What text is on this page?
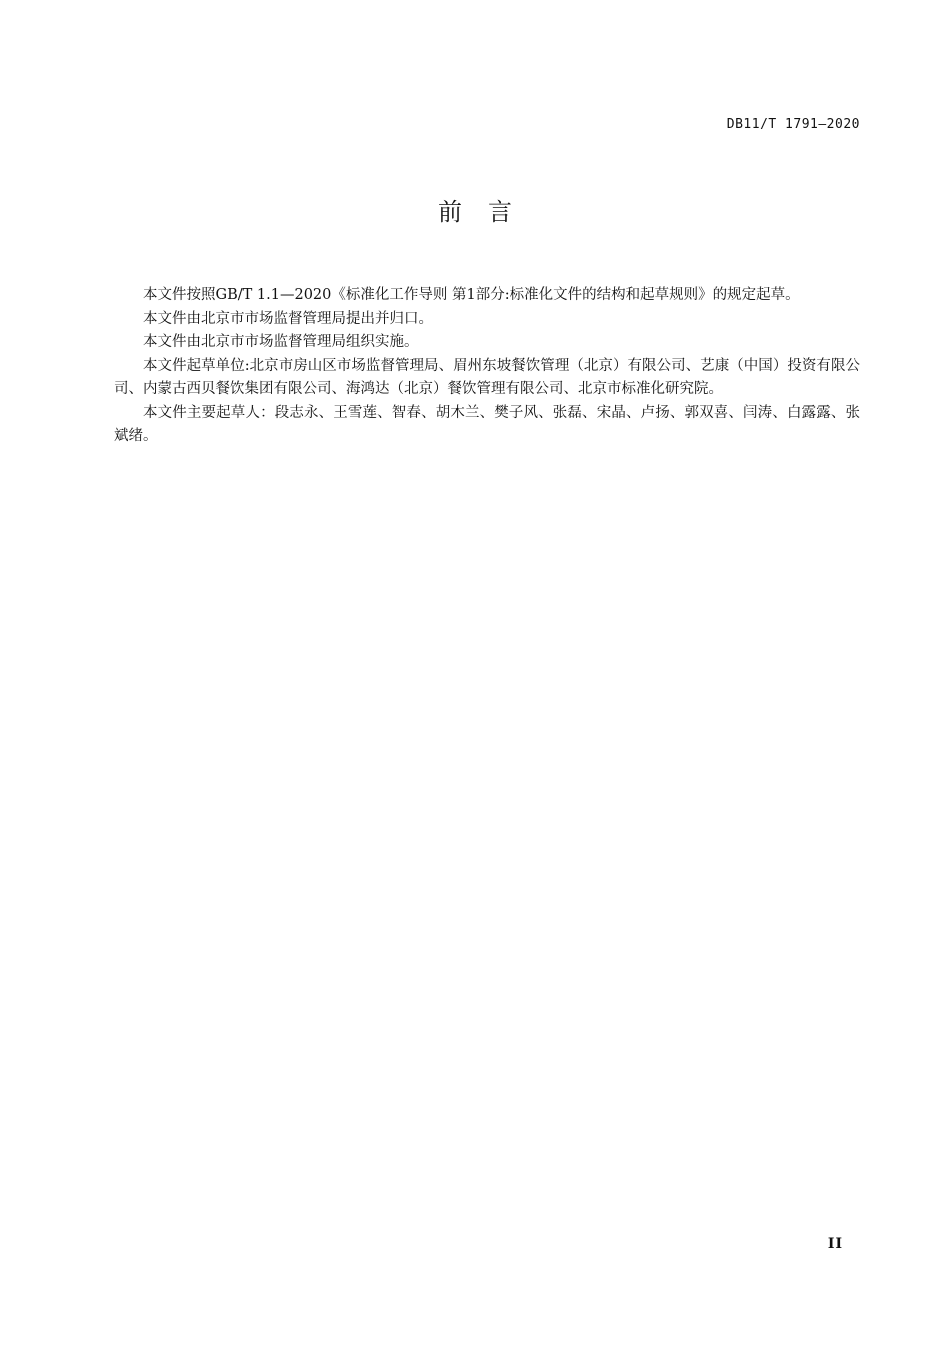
DB11/T 1791—2020
前言

本文件按照GB/T 1.1—2020《标准化工作导则 第1部分:标准化文件的结构和起草规则》的规定起草。

本文件由北京市市场监督管理局提出并归口。

本文件由北京市市场监督管理局组织实施。

本文件起草单位:北京市房山区市场监督管理局、眉州东坡餐饮管理（北京）有限公司、艺康（中国）投资有限公司、内蒙古西贝餐饮集团有限公司、海鸿达（北京）餐饮管理有限公司、北京市标准化研究院。

本文件主要起草人：段志永、王雪莲、智春、胡木兰、樊子风、张磊、宋晶、卢扬、郭双喜、闫涛、白露露、张斌绪。

II
